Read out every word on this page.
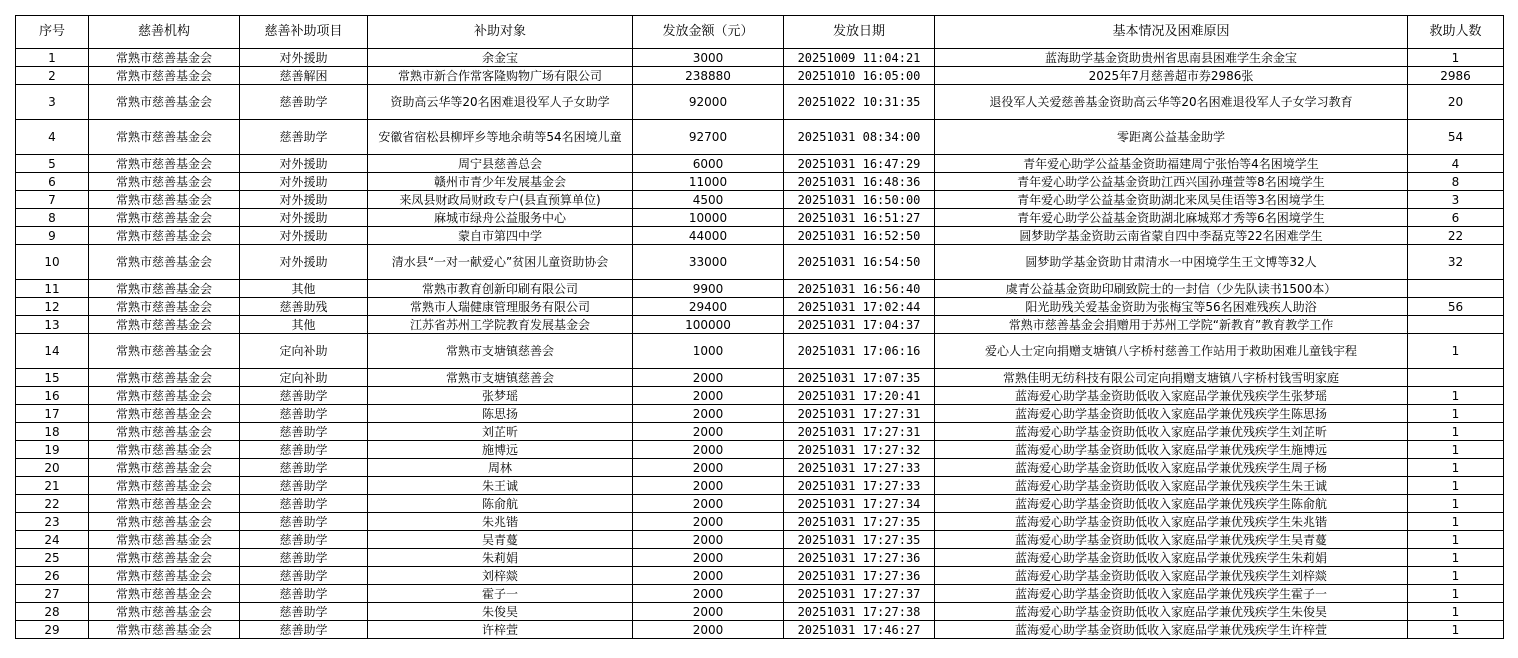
序号	慈善机构	慈善补助项目	补助对象	发放金额（元）	发放日期	基本情况及困难原因	救助人数
1	常熟市慈善基金会	对外援助	余金宝	3000	20251009 11:04:21	蓝海助学基金资助贵州省思南县困难学生余金宝	1
2	常熟市慈善基金会	慈善解困	常熟市新合作常客隆购物广场有限公司	238880	20251010 16:05:00	2025年7月慈善超市券2986张	2986
3	常熟市慈善基金会	慈善助学	资助高云华等20名困难退役军人子女助学	92000	20251022 10:31:35	退役军人关爱慈善基金资助高云华等20名困难退役军人子女学习教育	20
4	常熟市慈善基金会	慈善助学	安徽省宿松县柳坪乡等地余萌等54名困境儿童	92700	20251031 08:34:00	零距离公益基金助学	54
5	常熟市慈善基金会	对外援助	周宁县慈善总会	6000	20251031 16:47:29	青年爱心助学公益基金资助福建周宁张怡等4名困境学生	4
6	常熟市慈善基金会	对外援助	赣州市青少年发展基金会	11000	20251031 16:48:36	青年爱心助学公益基金资助江西兴国孙瑾萱等8名困境学生	8
7	常熟市慈善基金会	对外援助	来凤县财政局财政专户(县直预算单位)	4500	20251031 16:50:00	青年爱心助学公益基金资助湖北来凤吴佳语等3名困境学生	3
8	常熟市慈善基金会	对外援助	麻城市绿舟公益服务中心	10000	20251031 16:51:27	青年爱心助学公益基金资助湖北麻城郑才秀等6名困境学生	6
9	常熟市慈善基金会	对外援助	蒙自市第四中学	44000	20251031 16:52:50	圆梦助学基金资助云南省蒙自四中李磊克等22名困难学生	22
10	常熟市慈善基金会	对外援助	清水县“一对一献爱心”贫困儿童资助协会	33000	20251031 16:54:50	圆梦助学基金资助甘肃清水一中困境学生王文博等32人	32
11	常熟市慈善基金会	其他	常熟市教育创新印刷有限公司	9900	20251031 16:56:40	虞青公益基金资助印刷致院士的一封信（少先队读书1500本）	
12	常熟市慈善基金会	慈善助残	常熟市人瑞健康管理服务有限公司	29400	20251031 17:02:44	阳光助残关爱基金资助为张梅宝等56名困难残疾人助浴	56
13	常熟市慈善基金会	其他	江苏省苏州工学院教育发展基金会	100000	20251031 17:04:37	常熟市慈善基金会捐赠用于苏州工学院“新教育”教育教学工作	
14	常熟市慈善基金会	定向补助	常熟市支塘镇慈善会	1000	20251031 17:06:16	爱心人士定向捐赠支塘镇八字桥村慈善工作站用于救助困难儿童钱宇程	1
15	常熟市慈善基金会	定向补助	常熟市支塘镇慈善会	2000	20251031 17:07:35	常熟佳明无纺科技有限公司定向捐赠支塘镇八字桥村钱雪明家庭	
16	常熟市慈善基金会	慈善助学	张梦瑶	2000	20251031 17:20:41	蓝海爱心助学基金资助低收入家庭品学兼优残疾学生张梦瑶	1
17	常熟市慈善基金会	慈善助学	陈思扬	2000	20251031 17:27:31	蓝海爱心助学基金资助低收入家庭品学兼优残疾学生陈思扬	1
18	常熟市慈善基金会	慈善助学	刘芷昕	2000	20251031 17:27:31	蓝海爱心助学基金资助低收入家庭品学兼优残疾学生刘芷昕	1
19	常熟市慈善基金会	慈善助学	施博远	2000	20251031 17:27:32	蓝海爱心助学基金资助低收入家庭品学兼优残疾学生施博远	1
20	常熟市慈善基金会	慈善助学	周林	2000	20251031 17:27:33	蓝海爱心助学基金资助低收入家庭品学兼优残疾学生周子杨	1
21	常熟市慈善基金会	慈善助学	朱王诚	2000	20251031 17:27:33	蓝海爱心助学基金资助低收入家庭品学兼优残疾学生朱王诚	1
22	常熟市慈善基金会	慈善助学	陈俞航	2000	20251031 17:27:34	蓝海爱心助学基金资助低收入家庭品学兼优残疾学生陈俞航	1
23	常熟市慈善基金会	慈善助学	朱兆锴	2000	20251031 17:27:35	蓝海爱心助学基金资助低收入家庭品学兼优残疾学生朱兆锴	1
24	常熟市慈善基金会	慈善助学	吴青蔓	2000	20251031 17:27:35	蓝海爱心助学基金资助低收入家庭品学兼优残疾学生吴青蔓	1
25	常熟市慈善基金会	慈善助学	朱莉娟	2000	20251031 17:27:36	蓝海爱心助学基金资助低收入家庭品学兼优残疾学生朱莉娟	1
26	常熟市慈善基金会	慈善助学	刘梓燚	2000	20251031 17:27:36	蓝海爱心助学基金资助低收入家庭品学兼优残疾学生刘梓燚	1
27	常熟市慈善基金会	慈善助学	霍子一	2000	20251031 17:27:37	蓝海爱心助学基金资助低收入家庭品学兼优残疾学生霍子一	1
28	常熟市慈善基金会	慈善助学	朱俊昊	2000	20251031 17:27:38	蓝海爱心助学基金资助低收入家庭品学兼优残疾学生朱俊昊	1
29	常熟市慈善基金会	慈善助学	许梓萱	2000	20251031 17:46:27	蓝海爱心助学基金资助低收入家庭品学兼优残疾学生许梓萱	1
